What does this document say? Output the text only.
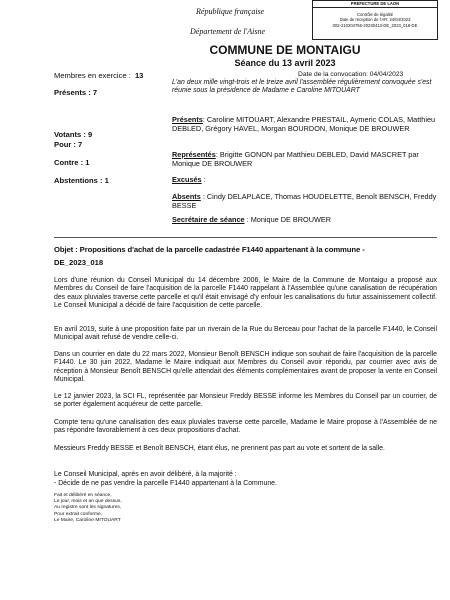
PREFECTURE DE LAON
Contrôle de légalité
Date de réception de l'AR: 24/04/2023
002-210204756-20230413-DE_2023_018-DE
République française
Département de l'Aisne
COMMUNE DE MONTAIGU
Séance du 13 avril 2023
Membres en exercice : 13
Présents : 7
Votants : 9
Pour : 7
Contre : 1
Abstentions : 1
Date de la convocation: 04/04/2023
L'an deux mille vingt-trois et le treize avril l'assemblée régulièrement convoquée s'est réunie sous la présidence de Madame e Caroline MITOUART
Présents: Caroline MITOUART, Alexandre PRESTAIL, Aymeric COLAS, Matthieu DEBLED, Grégory HAVEL, Morgan BOURDON, Monique DE BROUWER
Représentés: Brigitte GONON par Matthieu DEBLED, David MASCRET par Monique DE BROUWER
Excusés :
Absents : Cindy DELAPLACE, Thomas HOUDELETTE, Benoît BENSCH, Freddy BESSE
Secrétaire de séance : Monique DE BROUWER
Objet : Propositions d'achat de la parcelle cadastrée F1440 appartenant à la commune -
DE_2023_018
Lors d'une réunion du Conseil Municipal du 14 décembre 2006, le Maire de la Commune de Montaigu a proposé aux Membres du Conseil de faire l'acquisition de la parcelle F1440 rappelant à l'Assemblée qu'une canalisation de récupération des eaux pluviales traverse cette parcelle et qu'il était envisagé d'y enfouir les canalisations du futur assainissement collectif. Le Conseil Municipal a décidé de faire l'acquisition de cette parcelle.
En avril 2019, suite à une proposition faite par un riverain de la Rue du Berceau pour l'achat de la parcelle F1440, le Conseil Municipal avait refusé de vendre celle-ci.
Dans un courrier en date du 22 mars 2022, Monsieur Benoît BENSCH indique son souhait de faire l'acquisition de la parcelle F1440. Le 30 juin 2022, Madame le Maire indiquait aux Membres du Conseil avoir répondu, par courrier avec avis de réception à Monsieur Benoît BENSCH qu'elle attendait des éléments complémentaires avant de proposer la vente en Conseil Municipal.
Le 12 janvier 2023, la SCI FL, représentée par Monsieur Freddy BESSE informe les Membres du Conseil par un courrier, de se porter également acquéreur de cette parcelle.
Compte tenu qu'une canalisation des eaux pluviales traverse cette parcelle, Madame le Maire propose à l'Assemblée de ne pas répondre favorablement à ces deux propositions d'achat.
Messieurs Freddy BESSE et Benoît BENSCH, étant élus, ne prennent pas part au vote et sortent de la salle.
Le Conseil Municipal, après en avoir délibéré, à la majorité :
- Décide de ne pas vendre la parcelle F1440 appartenant à la Commune.
Fait et délibéré en séance,
Le jour, mois et an que dessus,
Au registre sont les signatures,
Pour extrait conforme,
Le Maire, Caroline MITOUART
